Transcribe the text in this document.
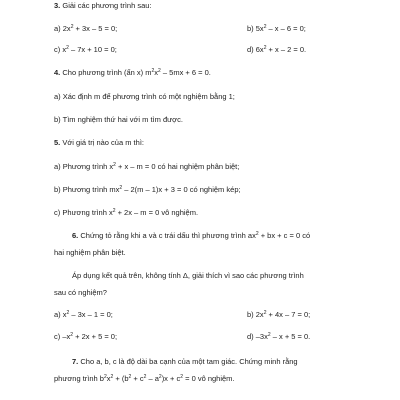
3. Giải các phương trình sau:
a) $2x^2 + 3x - 5 = 0$;	b) $5x^2 - x - 6 = 0$;
c) $x^2 - 7x + 10 = 0$;	d) $6x^2 + x - 2 = 0$.
4. Cho phương trình (ẩn x) $m^2x^2 - 5mx + 6 = 0$.
a) Xác định m để phương trình có một nghiệm bằng 1;
b) Tìm nghiệm thứ hai với m tìm được.
5. Với giá trị nào của m thì:
a) Phương trình $x^2 + x - m = 0$ có hai nghiệm phân biệt;
b) Phương trình $mx^2 - 2(m - 1)x + 3 = 0$ có nghiệm kép;
c) Phương trình $x^2 + 2x - m = 0$ vô nghiệm.
6. Chứng tỏ rằng khi a và c trái dấu thì phương trình $ax^2$ + bx + c = 0 có
hai nghiệm phân biệt.
Áp dụng kết quả trên, không tính Δ, giải thích vì sao các phương trình
sau có nghiệm?
a) $x^2 - 3x - 1 = 0$;	b) $2x^2 + 4x - 7 = 0$;
c) $-x^2 + 2x + 5 = 0$;	d) $-3x^2 - x + 5 = 0$.
7. Cho a, b, c là độ dài ba cạnh của một tam giác. Chứng minh rằng
phương trình $b^2x^2 + (b^2 + c^2 - a^2)x + c^2 = 0$ vô nghiệm.
